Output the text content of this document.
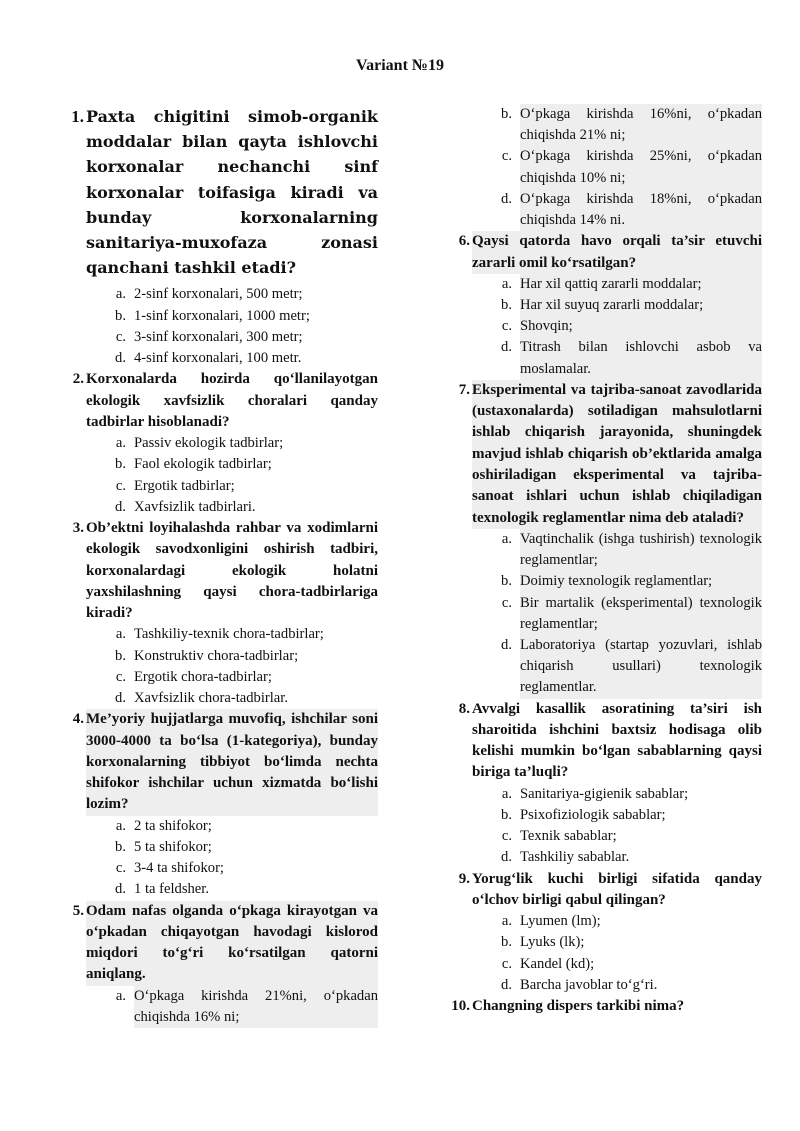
Variant №19
1. Paxta chigitini simob-organik moddalar bilan qayta ishlovchi korxonalar nechanchi sinf korxonalar toifasiga kiradi va bunday korxonalarning sanitariya-muxofaza zonasi qanchani tashkil etadi?
a. 2-sinf korxonalari, 500 metr;
b. 1-sinf korxonalari, 1000 metr;
c. 3-sinf korxonalari, 300 metr;
d. 4-sinf korxonalari, 100 metr.
2. Korxonalarda hozirda qo‘llanilayotgan ekologik xavfsizlik choralari qanday tadbirlar hisoblanadi?
a. Passiv ekologik tadbirlar;
b. Faol ekologik tadbirlar;
c. Ergotik tadbirlar;
d. Xavfsizlik tadbirlari.
3. Ob’ektni loyihalashda rahbar va xodimlarni ekologik savodxonligini oshirish tadbiri, korxonalardagi ekologik holatni yaxshilashning qaysi chora-tadbirlariga kiradi?
a. Tashkiliy-texnik chora-tadbirlar;
b. Konstruktiv chora-tadbirlar;
c. Ergotik chora-tadbirlar;
d. Xavfsizlik chora-tadbirlar.
4. Me’yoriy hujjatlarga muvofiq, ishchilar soni 3000-4000 ta bo‘lsa (1-kategoriya), bunday korxonalarning tibbiyot bo‘limda nechta shifokor ishchilar uchun xizmatda bo‘lishi lozim?
a. 2 ta shifokor;
b. 5 ta shifokor;
c. 3-4 ta shifokor;
d. 1 ta feldsher.
5. Odam nafas olganda o‘pkaga kirayotgan va o‘pkadan chiqayotgan havodagi kislorod miqdori to‘g‘ri ko‘rsatilgan qatorni aniqlang.
a. O‘pkaga kirishda 21%ni, o‘pkadan chiqishda 16% ni;
b. O‘pkaga kirishda 16%ni, o‘pkadan chiqishda 21% ni;
c. O‘pkaga kirishda 25%ni, o‘pkadan chiqishda 10% ni;
d. O‘pkaga kirishda 18%ni, o‘pkadan chiqishda 14% ni.
6. Qaysi qatorda havo orqali ta’sir etuvchi zararli omil ko‘rsatilgan?
a. Har xil qattiq zararli moddalar;
b. Har xil suyuq zararli moddalar;
c. Shovqin;
d. Titrash bilan ishlovchi asbob va moslamalar.
7. Eksperimental va tajriba-sanoat zavodlarida (ustaxonalarda) sotiladigan mahsulotlarni ishlab chiqarish jarayonida, shuningdek mavjud ishlab chiqarish ob’ektlarida amalga oshiriladigan eksperimental va tajriba-sanoat ishlari uchun ishlab chiqiladigan texnologik reglamentlar nima deb ataladi?
a. Vaqtinchalik (ishga tushirish) texnologik reglamentlar;
b. Doimiy texnologik reglamentlar;
c. Bir martalik (eksperimental) texnologik reglamentlar;
d. Laboratoriya (startap yozuvlari, ishlab chiqarish usullari) texnologik reglamentlar.
8. Avvalgi kasallik asoratining ta’siri ish sharoitida ishchini baxtsiz hodisaga olib kelishi mumkin bo‘lgan sabablarning qaysi biriga ta’luqli?
a. Sanitariya-gigienik sabablar;
b. Psixofiziologik sabablar;
c. Texnik sabablar;
d. Tashkiliy sabablar.
9. Yorug‘lik kuchi birligi sifatida qanday o‘lchov birligi qabul qilingan?
a. Lyumen (lm);
b. Lyuks (lk);
c. Kandel (kd);
d. Barcha javoblar to‘g‘ri.
10. Changning dispers tarkibi nima?
